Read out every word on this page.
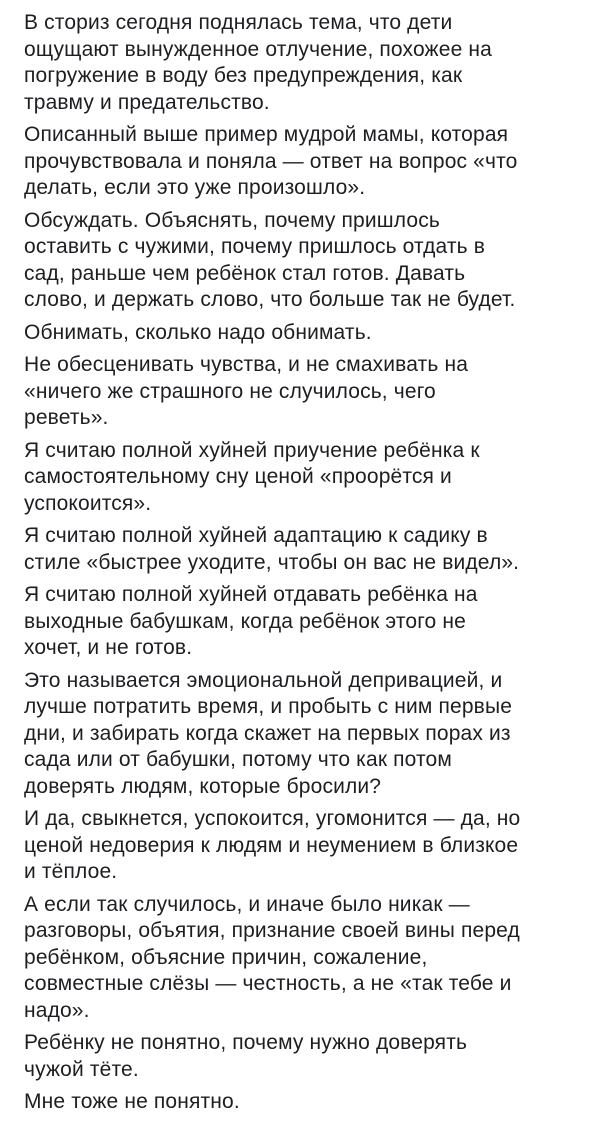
В сториз сегодня поднялась тема, что дети
ощущают вынужденное отлучение, похожее на
погружение в воду без предупреждения, как
травму и предательство.

Описанный выше пример мудрой мамы, которая
прочувствовала и поняла — ответ на вопрос «что
делать, если это уже произошло».

Обсуждать. Объяснять, почему пришлось
оставить с чужими, почему пришлось отдать в
сад, раньше чем ребёнок стал готов. Давать
слово, и держать слово, что больше так не будет.

Обнимать, сколько надо обнимать.

Не обесценивать чувства, и не смахивать на
«ничего же страшного не случилось, чего
реветь».

Я считаю полной хуйней приучение ребёнка к
самостоятельному сну ценой «проорётся и
успокоится».

Я считаю полной хуйней адаптацию к садику в
стиле «быстрее уходите, чтобы он вас не видел».

Я считаю полной хуйней отдавать ребёнка на
выходные бабушкам, когда ребёнок этого не
хочет, и не готов.

Это называется эмоциональной депривацией, и
лучше потратить время, и пробыть с ним первые
дни, и забирать когда скажет на первых порах из
сада или от бабушки, потому что как потом
доверять людям, которые бросили?

И да, свыкнется, успокоится, угомонится — да, но
ценой недоверия к людям и неумением в близкое
и тёплое.

А если так случилось, и иначе было никак —
разговоры, объятия, признание своей вины перед
ребёнком, объясние причин, сожаление,
совместные слёзы — честность, а не «так тебе и
надо».

Ребёнку не понятно, почему нужно доверять
чужой тёте.

Мне тоже не понятно.
